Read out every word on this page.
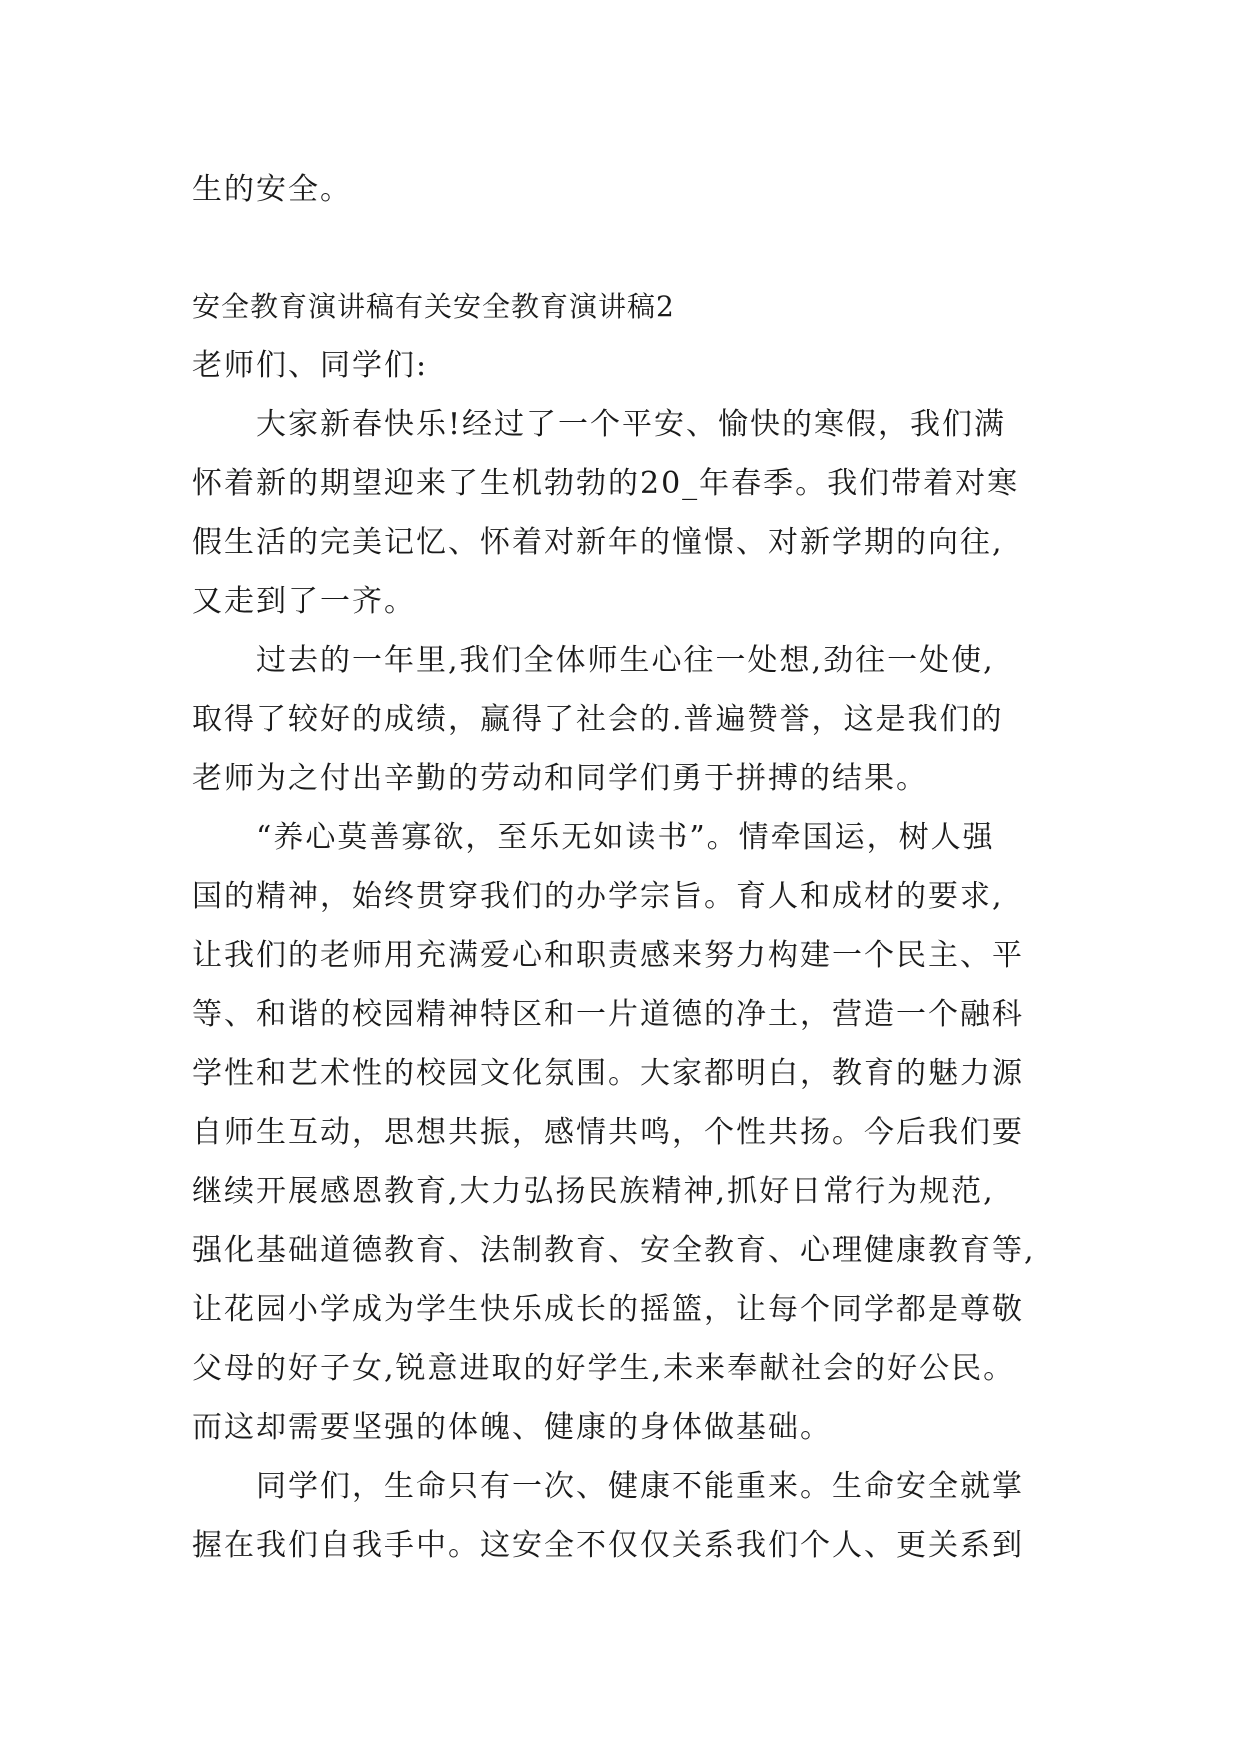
生的安全。

安全教育演讲稿有关安全教育演讲稿2

老师们、同学们:

大家新春快乐!经过了一个平安、愉快的寒假，我们满

怀着新的期望迎来了生机勃勃的20_年春季。我们带着对寒

假生活的完美记忆、怀着对新年的憧憬、对新学期的向往,

又走到了一齐。

过去的一年里,我们全体师生心往一处想,劲往一处使,

取得了较好的成绩，赢得了社会的.普遍赞誉，这是我们的

老师为之付出辛勤的劳动和同学们勇于拼搏的结果。

“养心莫善寡欲，至乐无如读书”。情牵国运，树人强

国的精神，始终贯穿我们的办学宗旨。育人和成材的要求,

让我们的老师用充满爱心和职责感来努力构建一个民主、平

等、和谐的校园精神特区和一片道德的净土，营造一个融科

学性和艺术性的校园文化氛围。大家都明白，教育的魅力源

自师生互动，思想共振，感情共鸣，个性共扬。今后我们要

继续开展感恩教育,大力弘扬民族精神,抓好日常行为规范,

强化基础道德教育、法制教育、安全教育、心理健康教育等,

让花园小学成为学生快乐成长的摇篮，让每个同学都是尊敬

父母的好子女,锐意进取的好学生,未来奉献社会的好公民。

而这却需要坚强的体魄、健康的身体做基础。

同学们，生命只有一次、健康不能重来。生命安全就掌

握在我们自我手中。这安全不仅仅关系我们个人、更关系到
